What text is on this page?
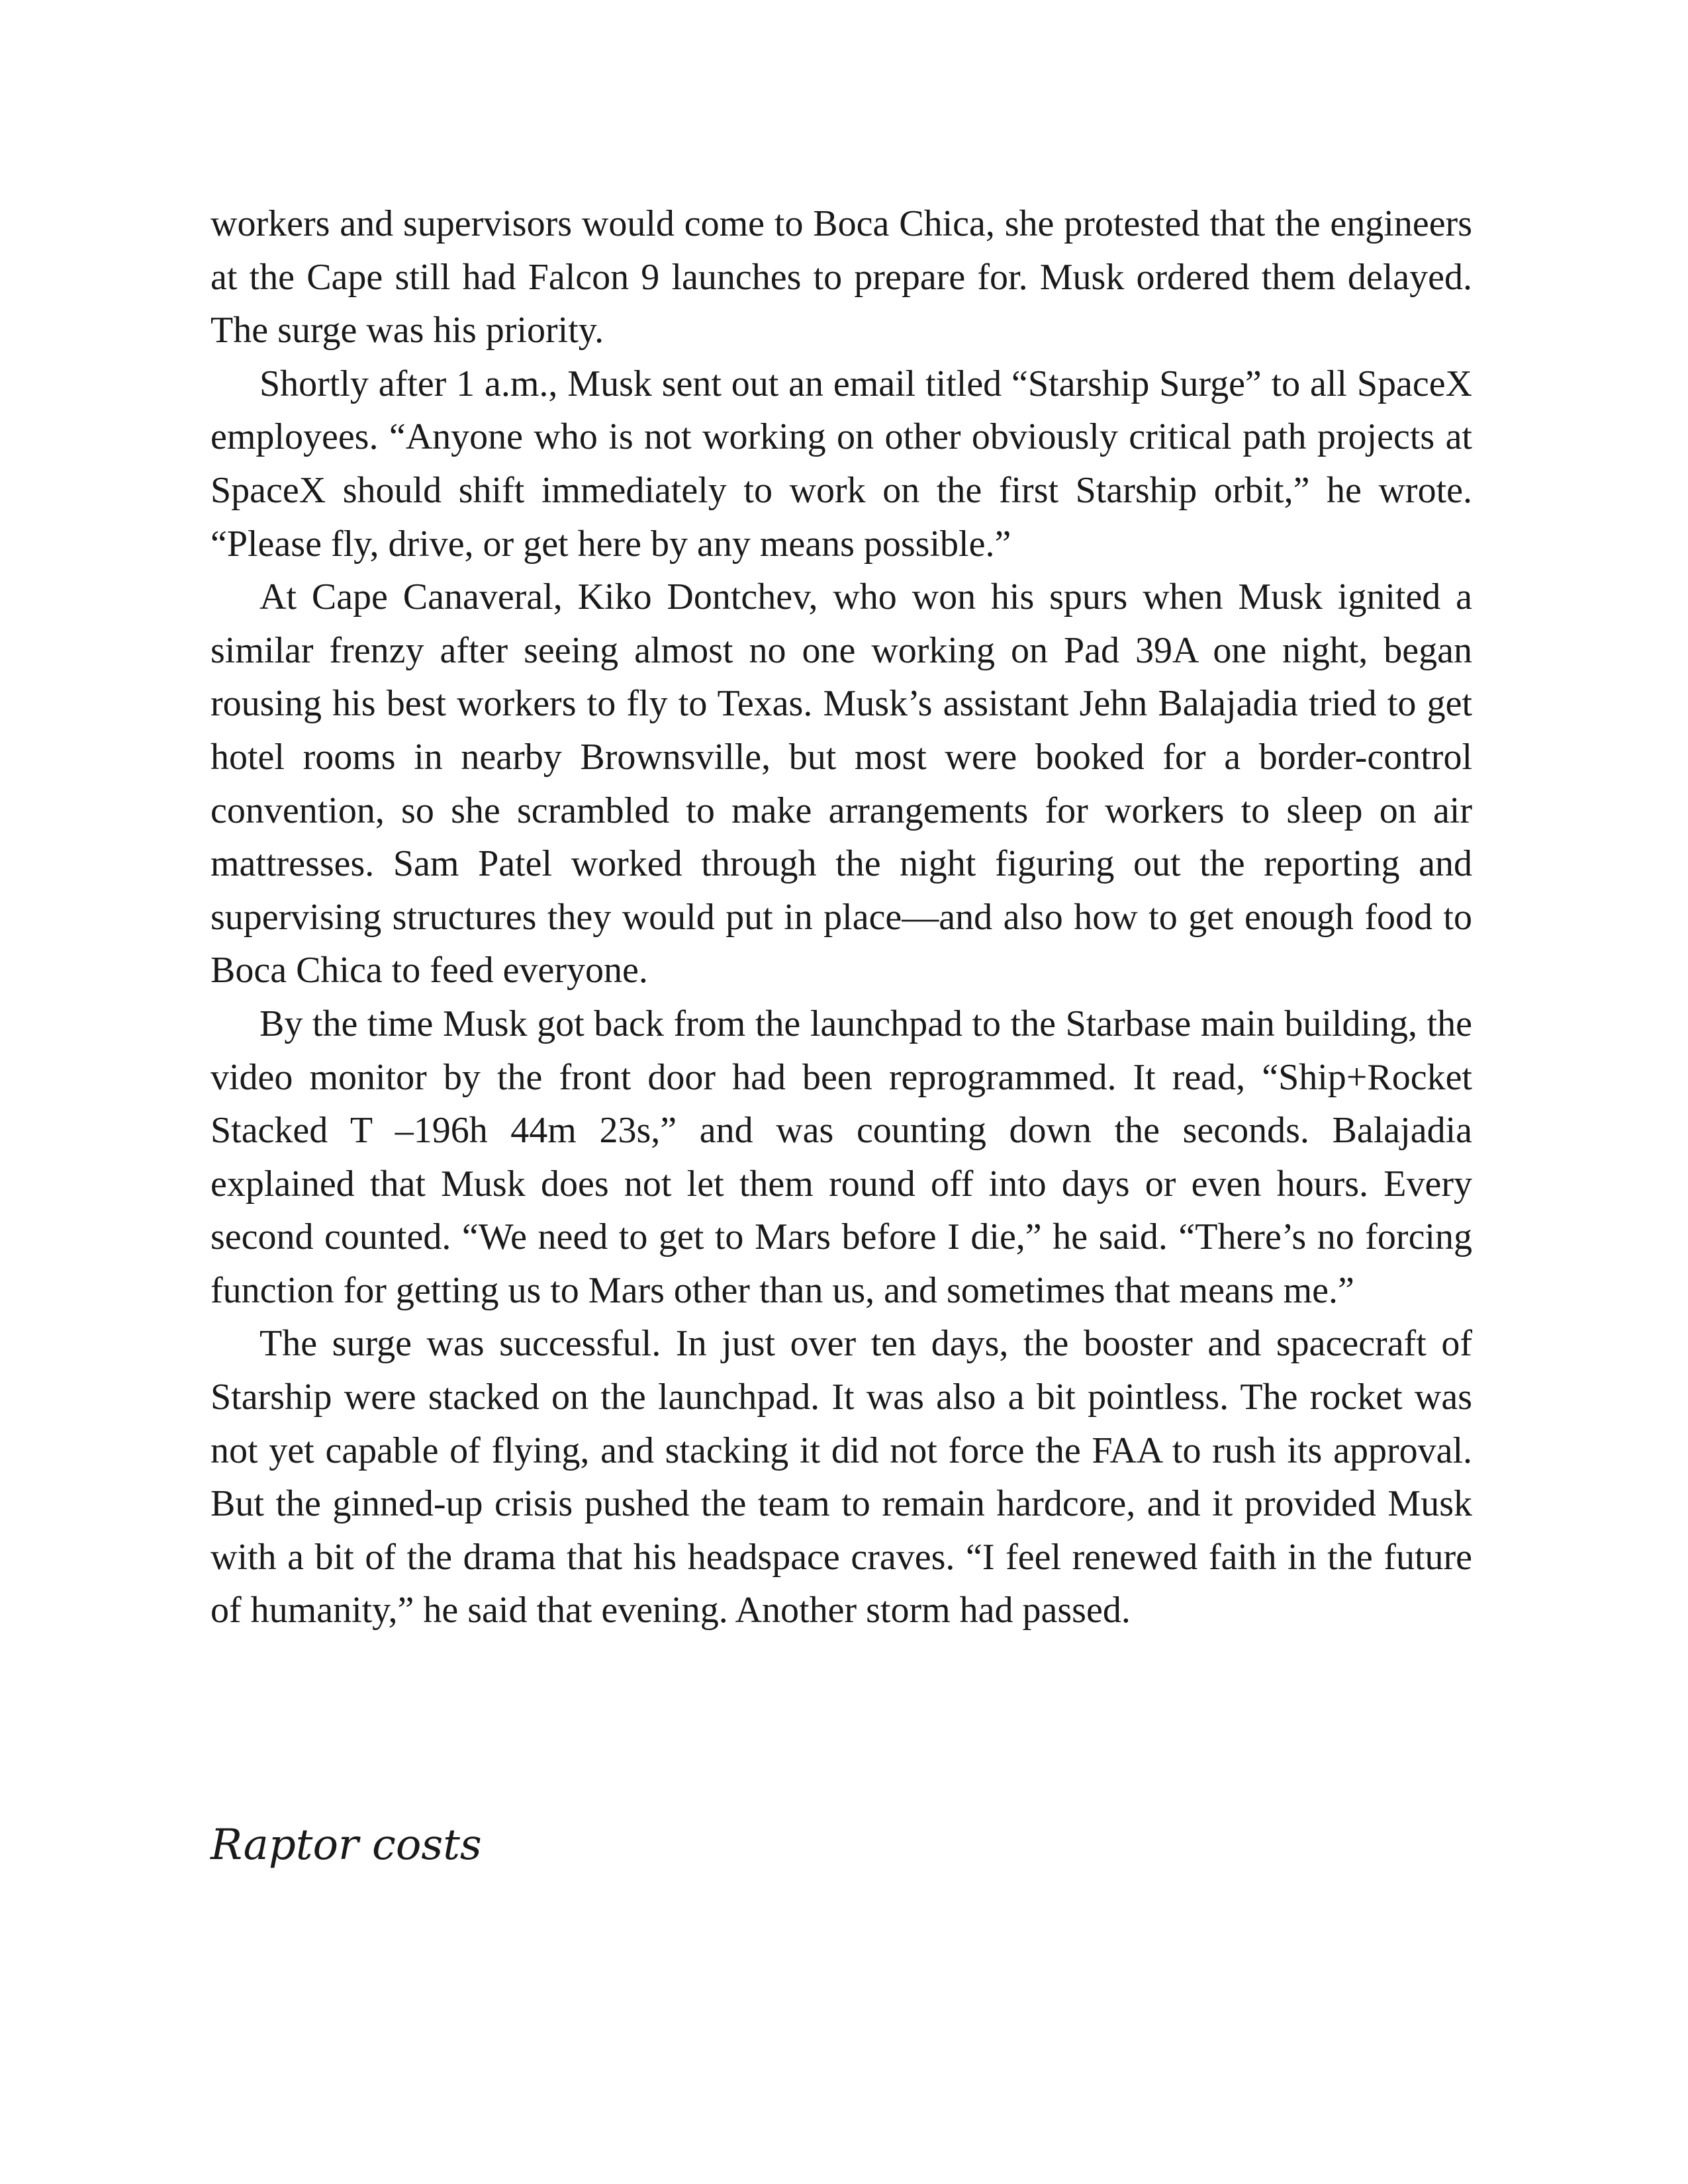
workers and supervisors would come to Boca Chica, she protested that the engineers at the Cape still had Falcon 9 launches to prepare for. Musk ordered them delayed. The surge was his priority.

Shortly after 1 a.m., Musk sent out an email titled “Starship Surge” to all SpaceX employees. “Anyone who is not working on other obviously critical path projects at SpaceX should shift immediately to work on the first Starship orbit,” he wrote. “Please fly, drive, or get here by any means possible.”

At Cape Canaveral, Kiko Dontchev, who won his spurs when Musk ignited a similar frenzy after seeing almost no one working on Pad 39A one night, began rousing his best workers to fly to Texas. Musk’s assistant Jehn Balajadia tried to get hotel rooms in nearby Brownsville, but most were booked for a border-control convention, so she scrambled to make arrangements for workers to sleep on air mattresses. Sam Patel worked through the night figuring out the reporting and supervising structures they would put in place—and also how to get enough food to Boca Chica to feed everyone.

By the time Musk got back from the launchpad to the Starbase main building, the video monitor by the front door had been reprogrammed. It read, “Ship+Rocket Stacked T –196h 44m 23s,” and was counting down the seconds. Balajadia explained that Musk does not let them round off into days or even hours. Every second counted. “We need to get to Mars before I die,” he said. “There’s no forcing function for getting us to Mars other than us, and sometimes that means me.”

The surge was successful. In just over ten days, the booster and spacecraft of Starship were stacked on the launchpad. It was also a bit pointless. The rocket was not yet capable of flying, and stacking it did not force the FAA to rush its approval. But the ginned-up crisis pushed the team to remain hardcore, and it provided Musk with a bit of the drama that his headspace craves. “I feel renewed faith in the future of humanity,” he said that evening. Another storm had passed.

Raptor costs
